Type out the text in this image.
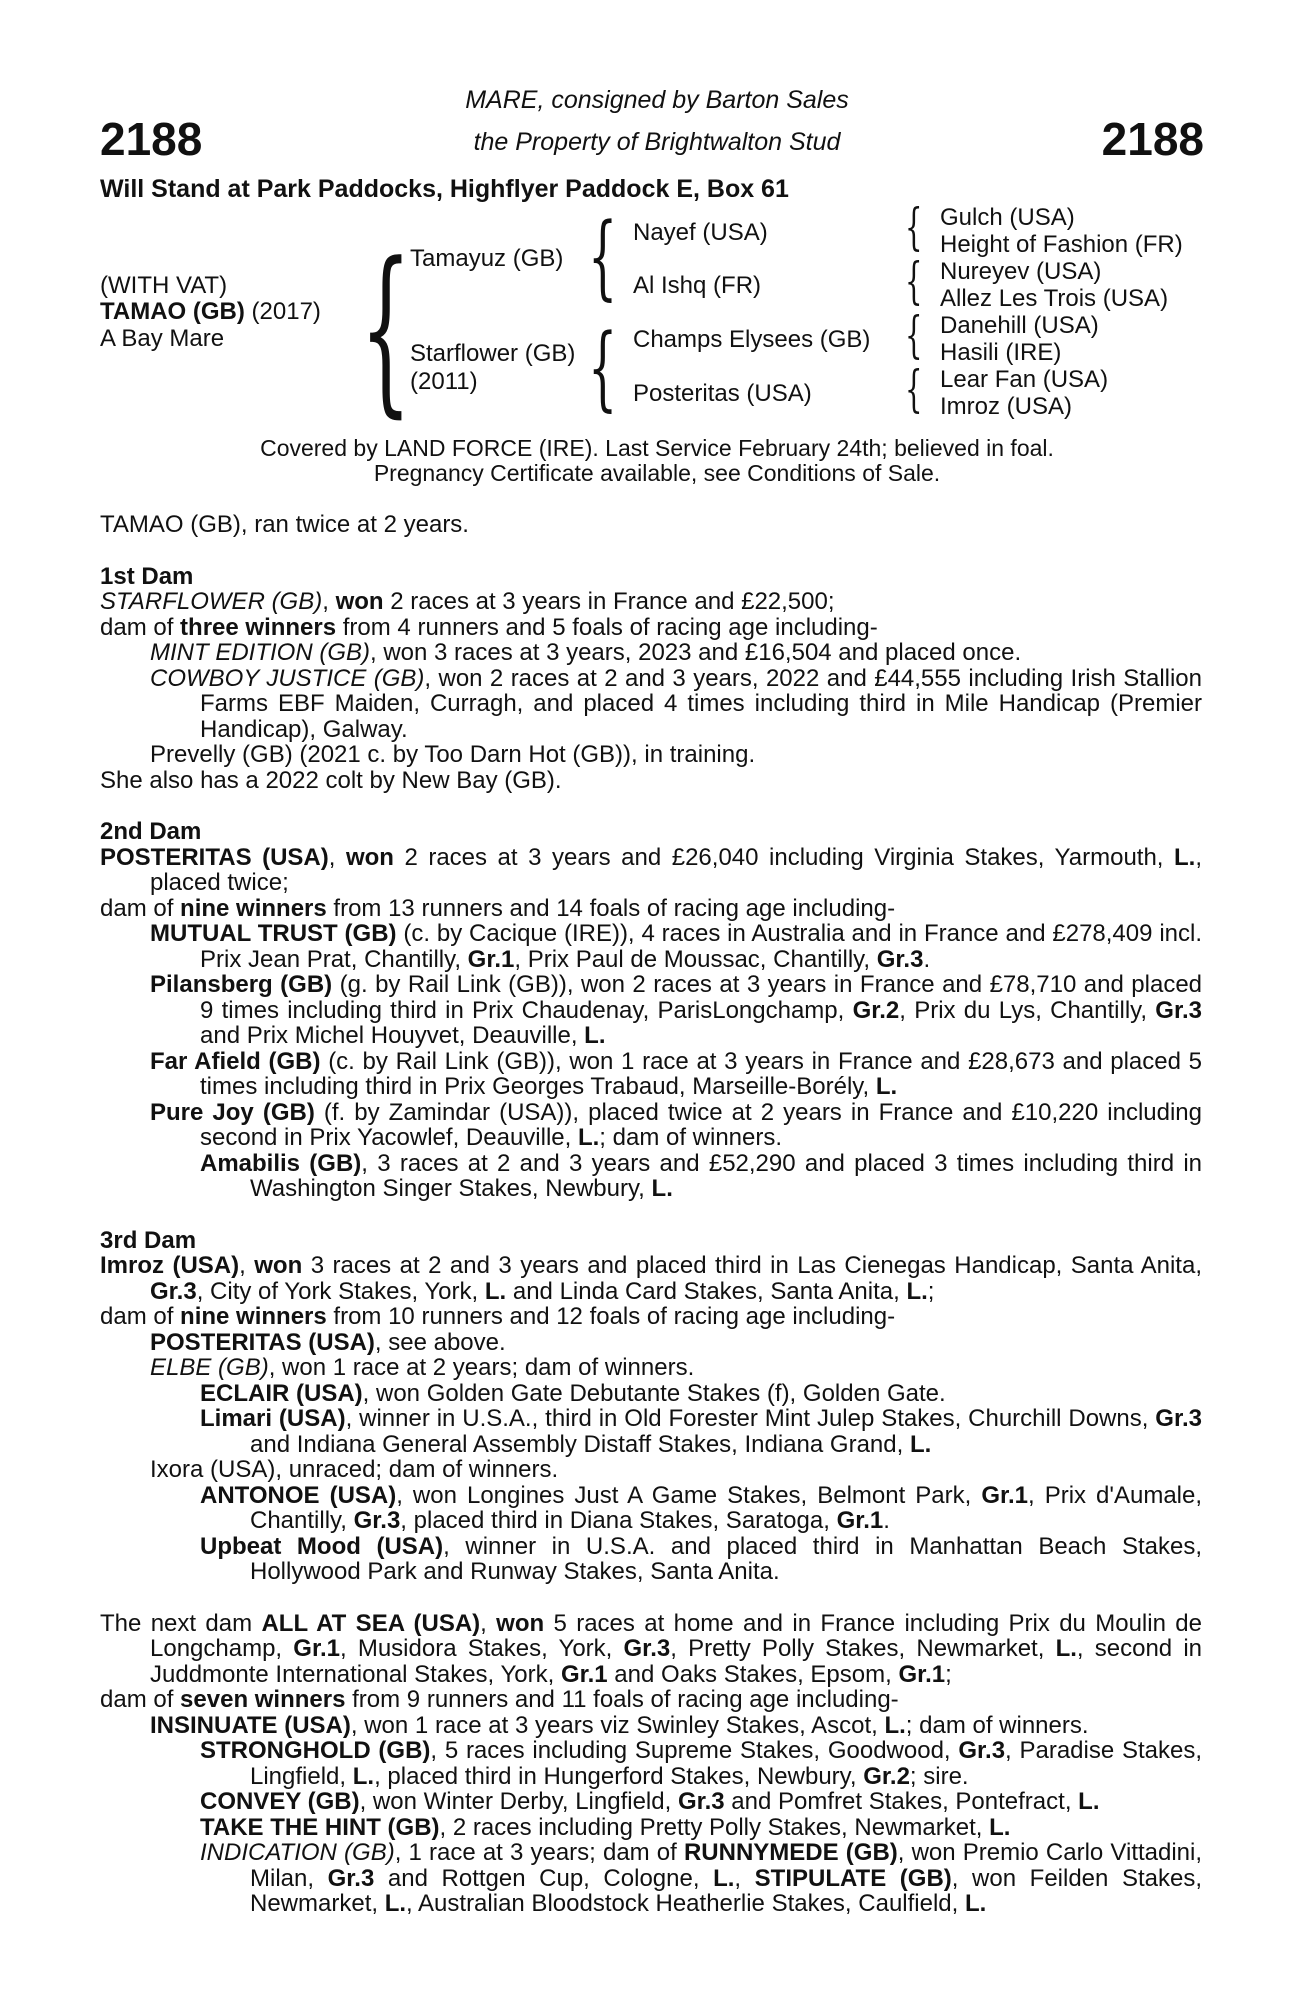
2188	2188
MARE, consigned by Barton Sales
the Property of Brightwalton Stud
Will Stand at Park Paddocks, Highflyer Paddock E, Box 61
(WITH VAT)
TAMAO (GB) (2017)
A Bay Mare {
Tamayuz (GB)
Starflower (GB)
(2011)
{
{
Nayef (USA)
Al Ishq (FR)
Champs Elysees (GB)
Posteritas (USA)
{
{
{
{
Gulch (USA)
Height of Fashion (FR)
Nureyev (USA)
Allez Les Trois (USA)
Danehill (USA)
Hasili (IRE)
Lear Fan (USA)
Imroz (USA)
Covered by LAND FORCE (IRE). Last Service February 24th; believed in foal.
Pregnancy Certificate available, see Conditions of Sale.

TAMAO (GB), ran twice at 2 years.

1st Dam

STARFLOWER (GB), won 2 races at 3 years in France and £22,500;

dam of three winners from 4 runners and 5 foals of racing age including-

MINT EDITION (GB), won 3 races at 3 years, 2023 and £16,504 and placed once.

COWBOY JUSTICE (GB), won 2 races at 2 and 3 years, 2022 and £44,555 including Irish Stallion Farms EBF Maiden, Curragh, and placed 4 times including third in Mile Handicap (Premier Handicap), Galway.

Prevelly (GB) (2021 c. by Too Darn Hot (GB)), in training.

She also has a 2022 colt by New Bay (GB).

2nd Dam

POSTERITAS (USA), won 2 races at 3 years and £26,040 including Virginia Stakes, Yarmouth, L., placed twice;

dam of nine winners from 13 runners and 14 foals of racing age including-

MUTUAL TRUST (GB) (c. by Cacique (IRE)), 4 races in Australia and in France and £278,409 incl. Prix Jean Prat, Chantilly, Gr.1, Prix Paul de Moussac, Chantilly, Gr.3.

Pilansberg (GB) (g. by Rail Link (GB)), won 2 races at 3 years in France and £78,710 and placed 9 times including third in Prix Chaudenay, ParisLongchamp, Gr.2, Prix du Lys, Chantilly, Gr.3 and Prix Michel Houyvet, Deauville, L.

Far Afield (GB) (c. by Rail Link (GB)), won 1 race at 3 years in France and £28,673 and placed 5 times including third in Prix Georges Trabaud, Marseille-Borély, L.

Pure Joy (GB) (f. by Zamindar (USA)), placed twice at 2 years in France and £10,220 including second in Prix Yacowlef, Deauville, L.; dam of winners.

Amabilis (GB), 3 races at 2 and 3 years and £52,290 and placed 3 times including third in Washington Singer Stakes, Newbury, L.

3rd Dam

Imroz (USA), won 3 races at 2 and 3 years and placed third in Las Cienegas Handicap, Santa Anita, Gr.3, City of York Stakes, York, L. and Linda Card Stakes, Santa Anita, L.;

dam of nine winners from 10 runners and 12 foals of racing age including-

POSTERITAS (USA), see above.

ELBE (GB), won 1 race at 2 years; dam of winners.

ECLAIR (USA), won Golden Gate Debutante Stakes (f), Golden Gate.

Limari (USA), winner in U.S.A., third in Old Forester Mint Julep Stakes, Churchill Downs, Gr.3 and Indiana General Assembly Distaff Stakes, Indiana Grand, L.

Ixora (USA), unraced; dam of winners.

ANTONOE (USA), won Longines Just A Game Stakes, Belmont Park, Gr.1, Prix d'Aumale, Chantilly, Gr.3, placed third in Diana Stakes, Saratoga, Gr.1.

Upbeat Mood (USA), winner in U.S.A. and placed third in Manhattan Beach Stakes, Hollywood Park and Runway Stakes, Santa Anita.

The next dam ALL AT SEA (USA), won 5 races at home and in France including Prix du Moulin de Longchamp, Gr.1, Musidora Stakes, York, Gr.3, Pretty Polly Stakes, Newmarket, L., second in Juddmonte International Stakes, York, Gr.1 and Oaks Stakes, Epsom, Gr.1;

dam of seven winners from 9 runners and 11 foals of racing age including-

INSINUATE (USA), won 1 race at 3 years viz Swinley Stakes, Ascot, L.; dam of winners.

STRONGHOLD (GB), 5 races including Supreme Stakes, Goodwood, Gr.3, Paradise Stakes, Lingfield, L., placed third in Hungerford Stakes, Newbury, Gr.2; sire.

CONVEY (GB), won Winter Derby, Lingfield, Gr.3 and Pomfret Stakes, Pontefract, L.

TAKE THE HINT (GB), 2 races including Pretty Polly Stakes, Newmarket, L.

INDICATION (GB), 1 race at 3 years; dam of RUNNYMEDE (GB), won Premio Carlo Vittadini, Milan, Gr.3 and Rottgen Cup, Cologne, L., STIPULATE (GB), won Feilden Stakes, Newmarket, L., Australian Bloodstock Heatherlie Stakes, Caulfield, L.
